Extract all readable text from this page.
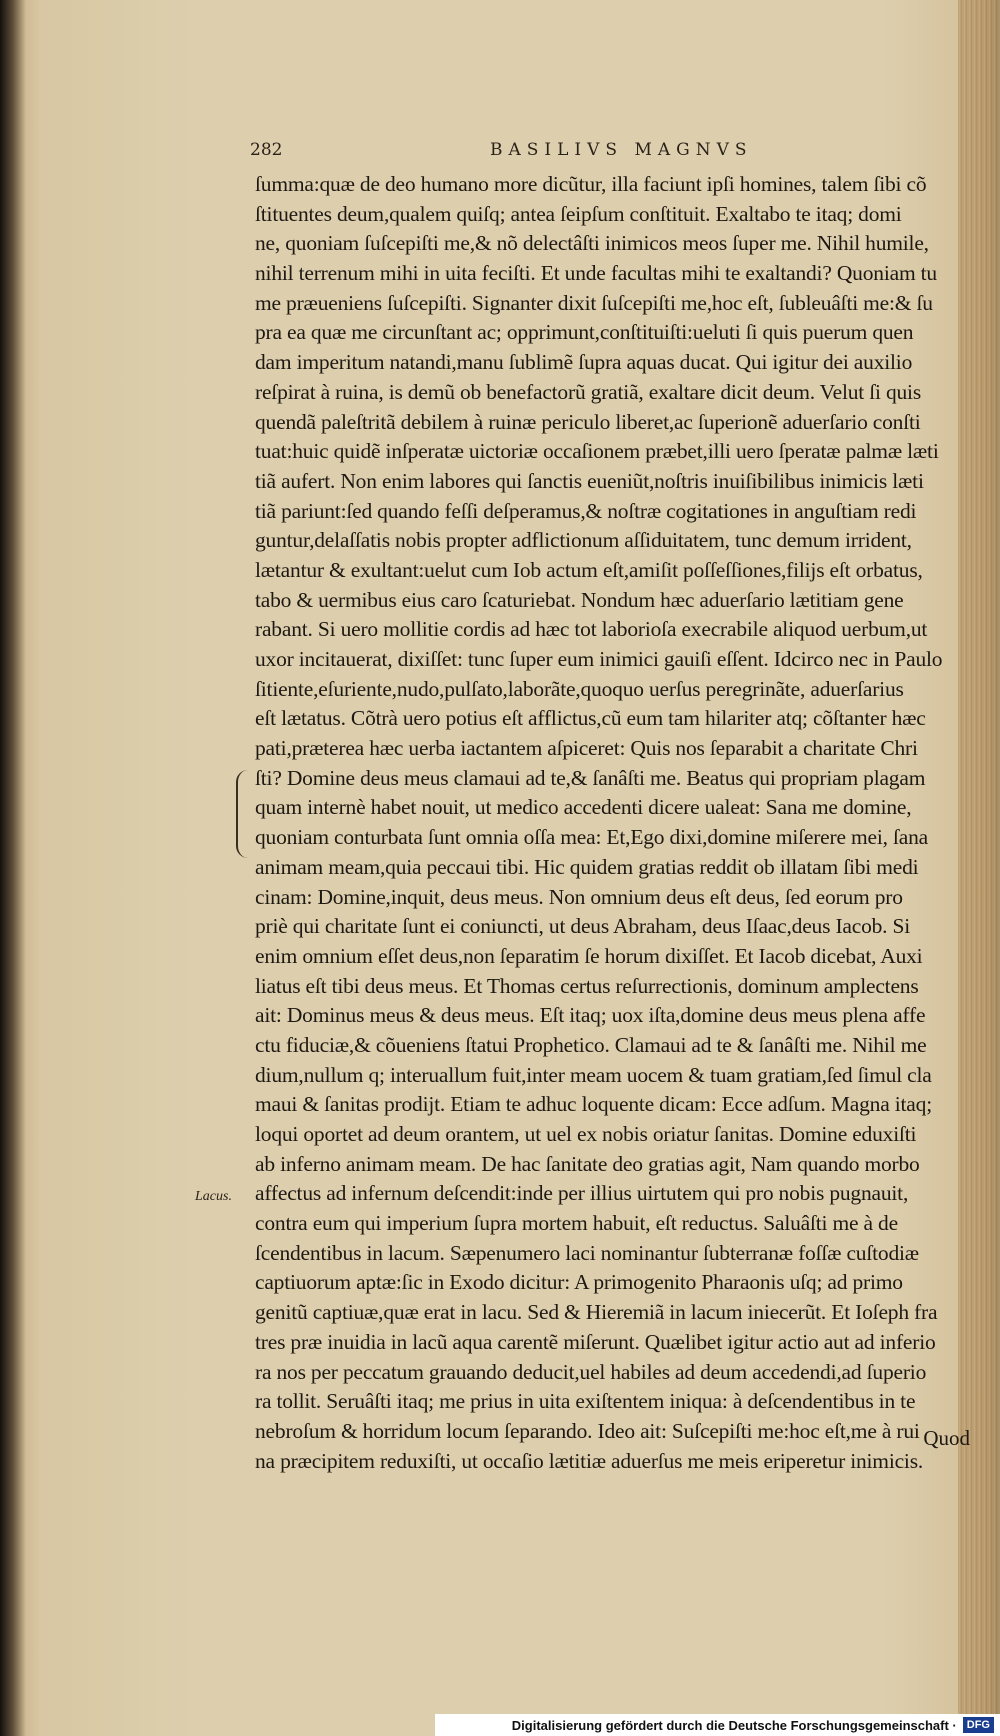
282	BASILIVS MAGNVS
Lacus.
ſumma:quæ de deo humano more dicũtur, illa faciunt ipſi homines, talem ſibi cõ
ſtituentes deum,qualem quiſq; antea ſeipſum conſtituit. Exaltabo te itaq; domi
ne, quoniam ſuſcepiſti me,& nõ delectâſti inimicos meos ſuper me. Nihil humile,
nihil terrenum mihi in uita feciſti. Et unde facultas mihi te exaltandi? Quoniam tu
me præueniens ſuſcepiſti. Signanter dixit ſuſcepiſti me,hoc eſt, ſubleuâſti me:& ſu
pra ea quæ me circunſtant ac; opprimunt,conſtituiſti:ueluti ſi quis puerum quen
dam imperitum natandi,manu ſublimẽ ſupra aquas ducat. Qui igitur dei auxilio
reſpirat à ruina, is demũ ob benefactorũ gratiã, exaltare dicit deum. Velut ſi quis
quendã paleſtritã debilem à ruinæ periculo liberet,ac ſuperionẽ aduerſario conſti
tuat:huic quidẽ inſperatæ uictoriæ occaſionem præbet,illi uero ſperatæ palmæ læti
tiã aufert. Non enim labores qui ſanctis eueniũt,noſtris inuiſibilibus inimicis læti
tiã pariunt:ſed quando feſſi deſperamus,& noſtræ cogitationes in anguſtiam redi
guntur,delaſſatis nobis propter adflictionum aſſiduitatem, tunc demum irrident,
lætantur & exultant:uelut cum Iob actum eſt,amiſit poſſeſſiones,filijs eſt orbatus,
tabo & uermibus eius caro ſcaturiebat. Nondum hæc aduerſario lætitiam gene
rabant. Si uero mollitie cordis ad hæc tot laborioſa execrabile aliquod uerbum,ut
uxor incitauerat, dixiſſet: tunc ſuper eum inimici gauiſi eſſent. Idcirco nec in Paulo
ſitiente,eſuriente,nudo,pulſato,laborãte,quoquo uerſus peregrinãte, aduerſarius
eſt lætatus. Cõtrà uero potius eſt afflictus,cũ eum tam hilariter atq; cõſtanter hæc
pati,præterea hæc uerba iactantem aſpiceret: Quis nos ſeparabit a charitate Chri
ſti? Domine deus meus clamaui ad te,& ſanâſti me. Beatus qui propriam plagam
quam internè habet nouit, ut medico accedenti dicere ualeat: Sana me domine,
quoniam conturbata ſunt omnia oſſa mea: Et,Ego dixi,domine miſerere mei, ſana
animam meam,quia peccaui tibi. Hic quidem gratias reddit ob illatam ſibi medi
cinam: Domine,inquit, deus meus. Non omnium deus eſt deus, ſed eorum pro
priè qui charitate ſunt ei coniuncti, ut deus Abraham, deus Iſaac,deus Iacob. Si
enim omnium eſſet deus,non ſeparatim ſe horum dixiſſet. Et Iacob dicebat, Auxi
liatus eſt tibi deus meus. Et Thomas certus reſurrectionis, dominum amplectens
ait: Dominus meus & deus meus. Eſt itaq; uox iſta,domine deus meus plena affe
ctu fiduciæ,& cõueniens ſtatui Prophetico. Clamaui ad te & ſanâſti me. Nihil me
dium,nullum q; interuallum fuit,inter meam uocem & tuam gratiam,ſed ſimul cla
maui & ſanitas prodijt. Etiam te adhuc loquente dicam: Ecce adſum. Magna itaq;
loqui oportet ad deum orantem, ut uel ex nobis oriatur ſanitas. Domine eduxiſti
ab inferno animam meam. De hac ſanitate deo gratias agit, Nam quando morbo
affectus ad infernum deſcendit:inde per illius uirtutem qui pro nobis pugnauit,
contra eum qui imperium ſupra mortem habuit, eſt reductus. Saluâſti me à de
ſcendentibus in lacum. Sæpenumero laci nominantur ſubterranæ foſſæ cuſtodiæ
captiuorum aptæ:ſic in Exodo dicitur: A primogenito Pharaonis uſq; ad primo
genitũ captiuæ,quæ erat in lacu. Sed & Hieremiã in lacum iniecerũt. Et Ioſeph fra
tres præ inuidia in lacũ aqua carentẽ miſerunt. Quælibet igitur actio aut ad inferio
ra nos per peccatum grauando deducit,uel habiles ad deum accedendi,ad ſuperio
ra tollit. Seruâſti itaq; me prius in uita exiſtentem iniqua: à deſcendentibus in te
nebroſum & horridum locum ſeparando. Ideo ait: Suſcepiſti me:hoc eſt,me à rui
na præcipitem reduxiſti, ut occaſio lætitiæ aduerſus me meis eriperetur inimicis.
Quod
Digitalisierung gefördert durch die Deutsche Forschungsgemeinschaft · DFG
